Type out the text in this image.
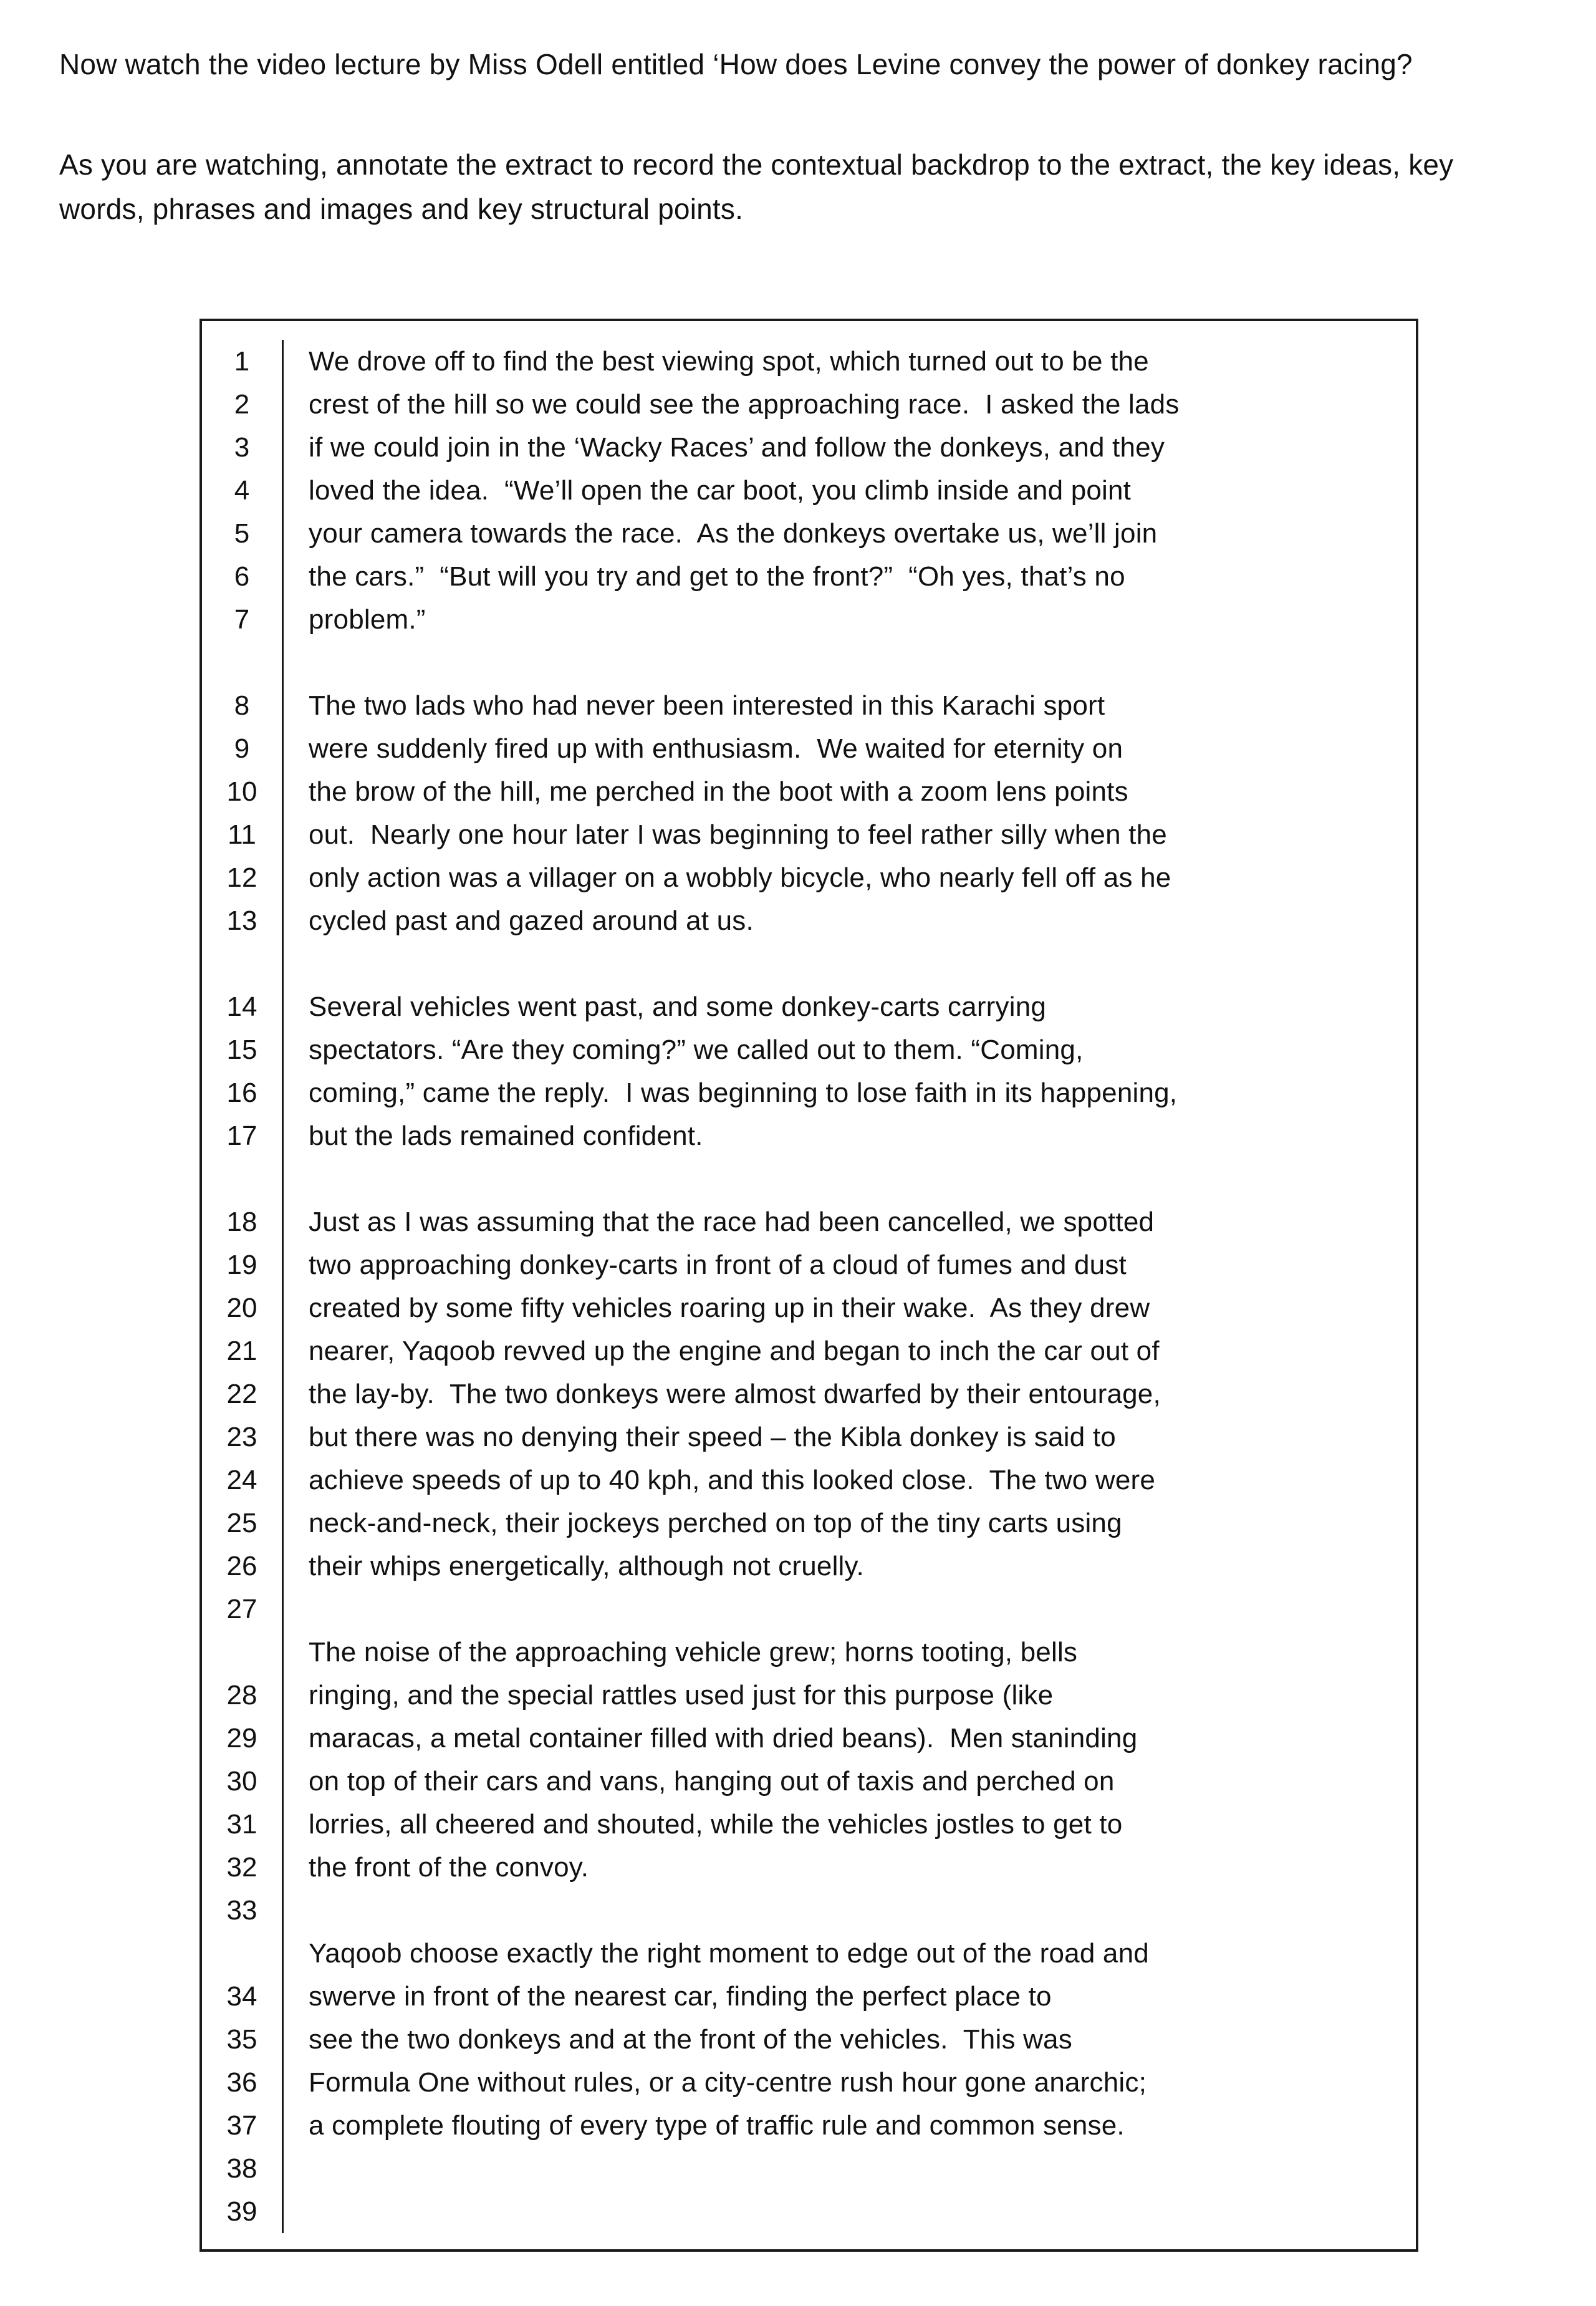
Now watch the video lecture by Miss Odell entitled ‘How does Levine convey the power of donkey racing?

As you are watching, annotate the extract to record the contextual backdrop to the extract, the key ideas, key words, phrases and images and key structural points.

1	We drove off to find the best viewing spot, which turned out to be the
2	crest of the hill so we could see the approaching race.  I asked the lads
3	if we could join in the ‘Wacky Races’ and follow the donkeys, and they
4	loved the idea.  “We’ll open the car boot, you climb inside and point
5	your camera towards the race.  As the donkeys overtake us, we’ll join
6	the cars.”  “But will you try and get to the front?”  “Oh yes, that’s no
7	problem.”
8	The two lads who had never been interested in this Karachi sport
9	were suddenly fired up with enthusiasm.  We waited for eternity on
10	the brow of the hill, me perched in the boot with a zoom lens points
11	out.  Nearly one hour later I was beginning to feel rather silly when the
12	only action was a villager on a wobbly bicycle, who nearly fell off as he
13	cycled past and gazed around at us.
14	Several vehicles went past, and some donkey-carts carrying
15	spectators. “Are they coming?” we called out to them. “Coming,
16	coming,” came the reply.  I was beginning to lose faith in its happening,
17	but the lads remained confident.
18	Just as I was assuming that the race had been cancelled, we spotted
19	two approaching donkey-carts in front of a cloud of fumes and dust
20	created by some fifty vehicles roaring up in their wake.  As they drew
21	nearer, Yaqoob revved up the engine and began to inch the car out of
22	the lay-by.  The two donkeys were almost dwarfed by their entourage,
23	but there was no denying their speed – the Kibla donkey is said to
24	achieve speeds of up to 40 kph, and this looked close.  The two were
25	neck-and-neck, their jockeys perched on top of the tiny carts using
26	their whips energetically, although not cruelly.
27
The noise of the approaching vehicle grew; horns tooting, bells
28	ringing, and the special rattles used just for this purpose (like
29	maracas, a metal container filled with dried beans).  Men staninding
30	on top of their cars and vans, hanging out of taxis and perched on
31	lorries, all cheered and shouted, while the vehicles jostles to get to
32	the front of the convoy.
33
Yaqoob choose exactly the right moment to edge out of the road and
34	swerve in front of the nearest car, finding the perfect place to
35	see the two donkeys and at the front of the vehicles.  This was
36	Formula One without rules, or a city-centre rush hour gone anarchic;
37	a complete flouting of every type of traffic rule and common sense.
38
39
